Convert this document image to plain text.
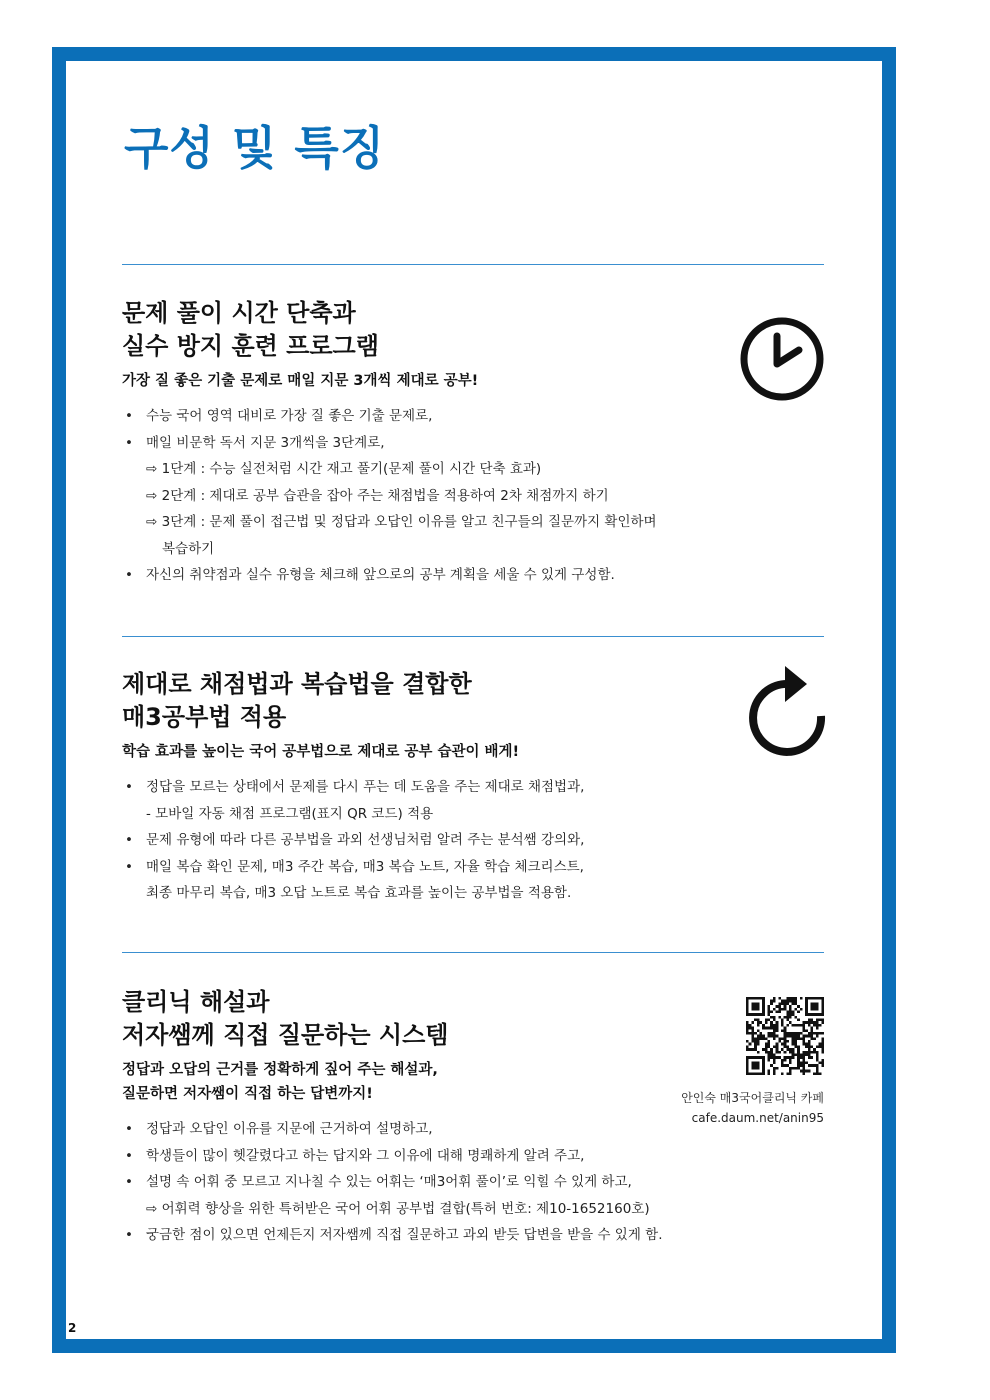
구성 및 특징
문제 풀이 시간 단축과
실수 방지 훈련 프로그램

가장 질 좋은 기출 문제로 매일 지문 3개씩 제대로 공부!

• 수능 국어 영역 대비로 가장 질 좋은 기출 문제로,
• 매일 비문학 독서 지문 3개씩을 3단계로,
⇨ 1단계 : 수능 실전처럼 시간 재고 풀기(문제 풀이 시간 단축 효과)
⇨ 2단계 : 제대로 공부 습관을 잡아 주는 채점법을 적용하여 2차 채점까지 하기
⇨ 3단계 : 문제 풀이 접근법 및 정답과 오답인 이유를 알고 친구들의 질문까지 확인하며
복습하기
• 자신의 취약점과 실수 유형을 체크해 앞으로의 공부 계획을 세울 수 있게 구성함.
제대로 채점법과 복습법을 결합한
매3공부법 적용

학습 효과를 높이는 국어 공부법으로 제대로 공부 습관이 배게!

• 정답을 모르는 상태에서 문제를 다시 푸는 데 도움을 주는 제대로 채점법과,
- 모바일 자동 채점 프로그램(표지 QR 코드) 적용
• 문제 유형에 따라 다른 공부법을 과외 선생님처럼 알려 주는 분석쌤 강의와,
• 매일 복습 확인 문제, 매3 주간 복습, 매3 복습 노트, 자율 학습 체크리스트,
최종 마무리 복습, 매3 오답 노트로 복습 효과를 높이는 공부법을 적용함.
클리닉 해설과
저자쌤께 직접 질문하는 시스템

정답과 오답의 근거를 정확하게 짚어 주는 해설과,
질문하면 저자쌤이 직접 하는 답변까지!

• 정답과 오답인 이유를 지문에 근거하여 설명하고,
• 학생들이 많이 헷갈렸다고 하는 답지와 그 이유에 대해 명쾌하게 알려 주고,
• 설명 속 어휘 중 모르고 지나칠 수 있는 어휘는 ‘매3어휘 풀이’로 익힐 수 있게 하고,
⇨ 어휘력 향상을 위한 특허받은 국어 어휘 공부법 결합(특허 번호: 제10-1652160호)
• 궁금한 점이 있으면 언제든지 저자쌤께 직접 질문하고 과외 받듯 답변을 받을 수 있게 함.
안인숙 매3국어클리닉 카페
cafe.daum.net/anin95
2
